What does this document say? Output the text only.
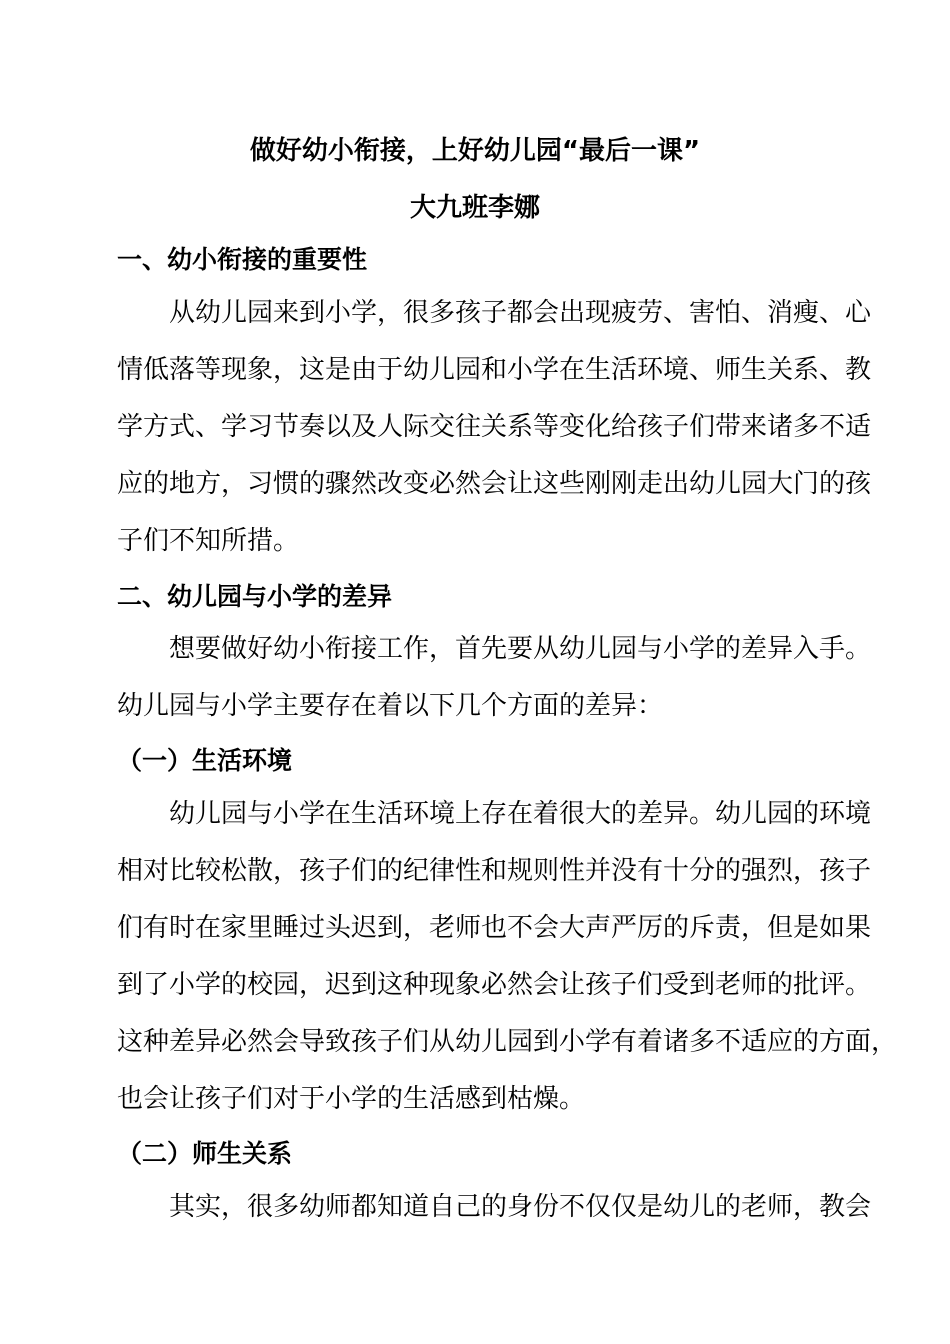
做好幼小衔接，上好幼儿园“最后一课”
大九班李娜
一、幼小衔接的重要性

从幼儿园来到小学，很多孩子都会出现疲劳、害怕、消瘦、心
情低落等现象，这是由于幼儿园和小学在生活环境、师生关系、教
学方式、学习节奏以及人际交往关系等变化给孩子们带来诸多不适
应的地方，习惯的骤然改变必然会让这些刚刚走出幼儿园大门的孩
子们不知所措。

二、幼儿园与小学的差异

想要做好幼小衔接工作，首先要从幼儿园与小学的差异入手。
幼儿园与小学主要存在着以下几个方面的差异：

（一）生活环境

幼儿园与小学在生活环境上存在着很大的差异。幼儿园的环境
相对比较松散，孩子们的纪律性和规则性并没有十分的强烈，孩子
们有时在家里睡过头迟到，老师也不会大声严厉的斥责，但是如果
到了小学的校园，迟到这种现象必然会让孩子们受到老师的批评。
这种差异必然会导致孩子们从幼儿园到小学有着诸多不适应的方面，
也会让孩子们对于小学的生活感到枯燥。

（二）师生关系

其实，很多幼师都知道自己的身份不仅仅是幼儿的老师，教会
